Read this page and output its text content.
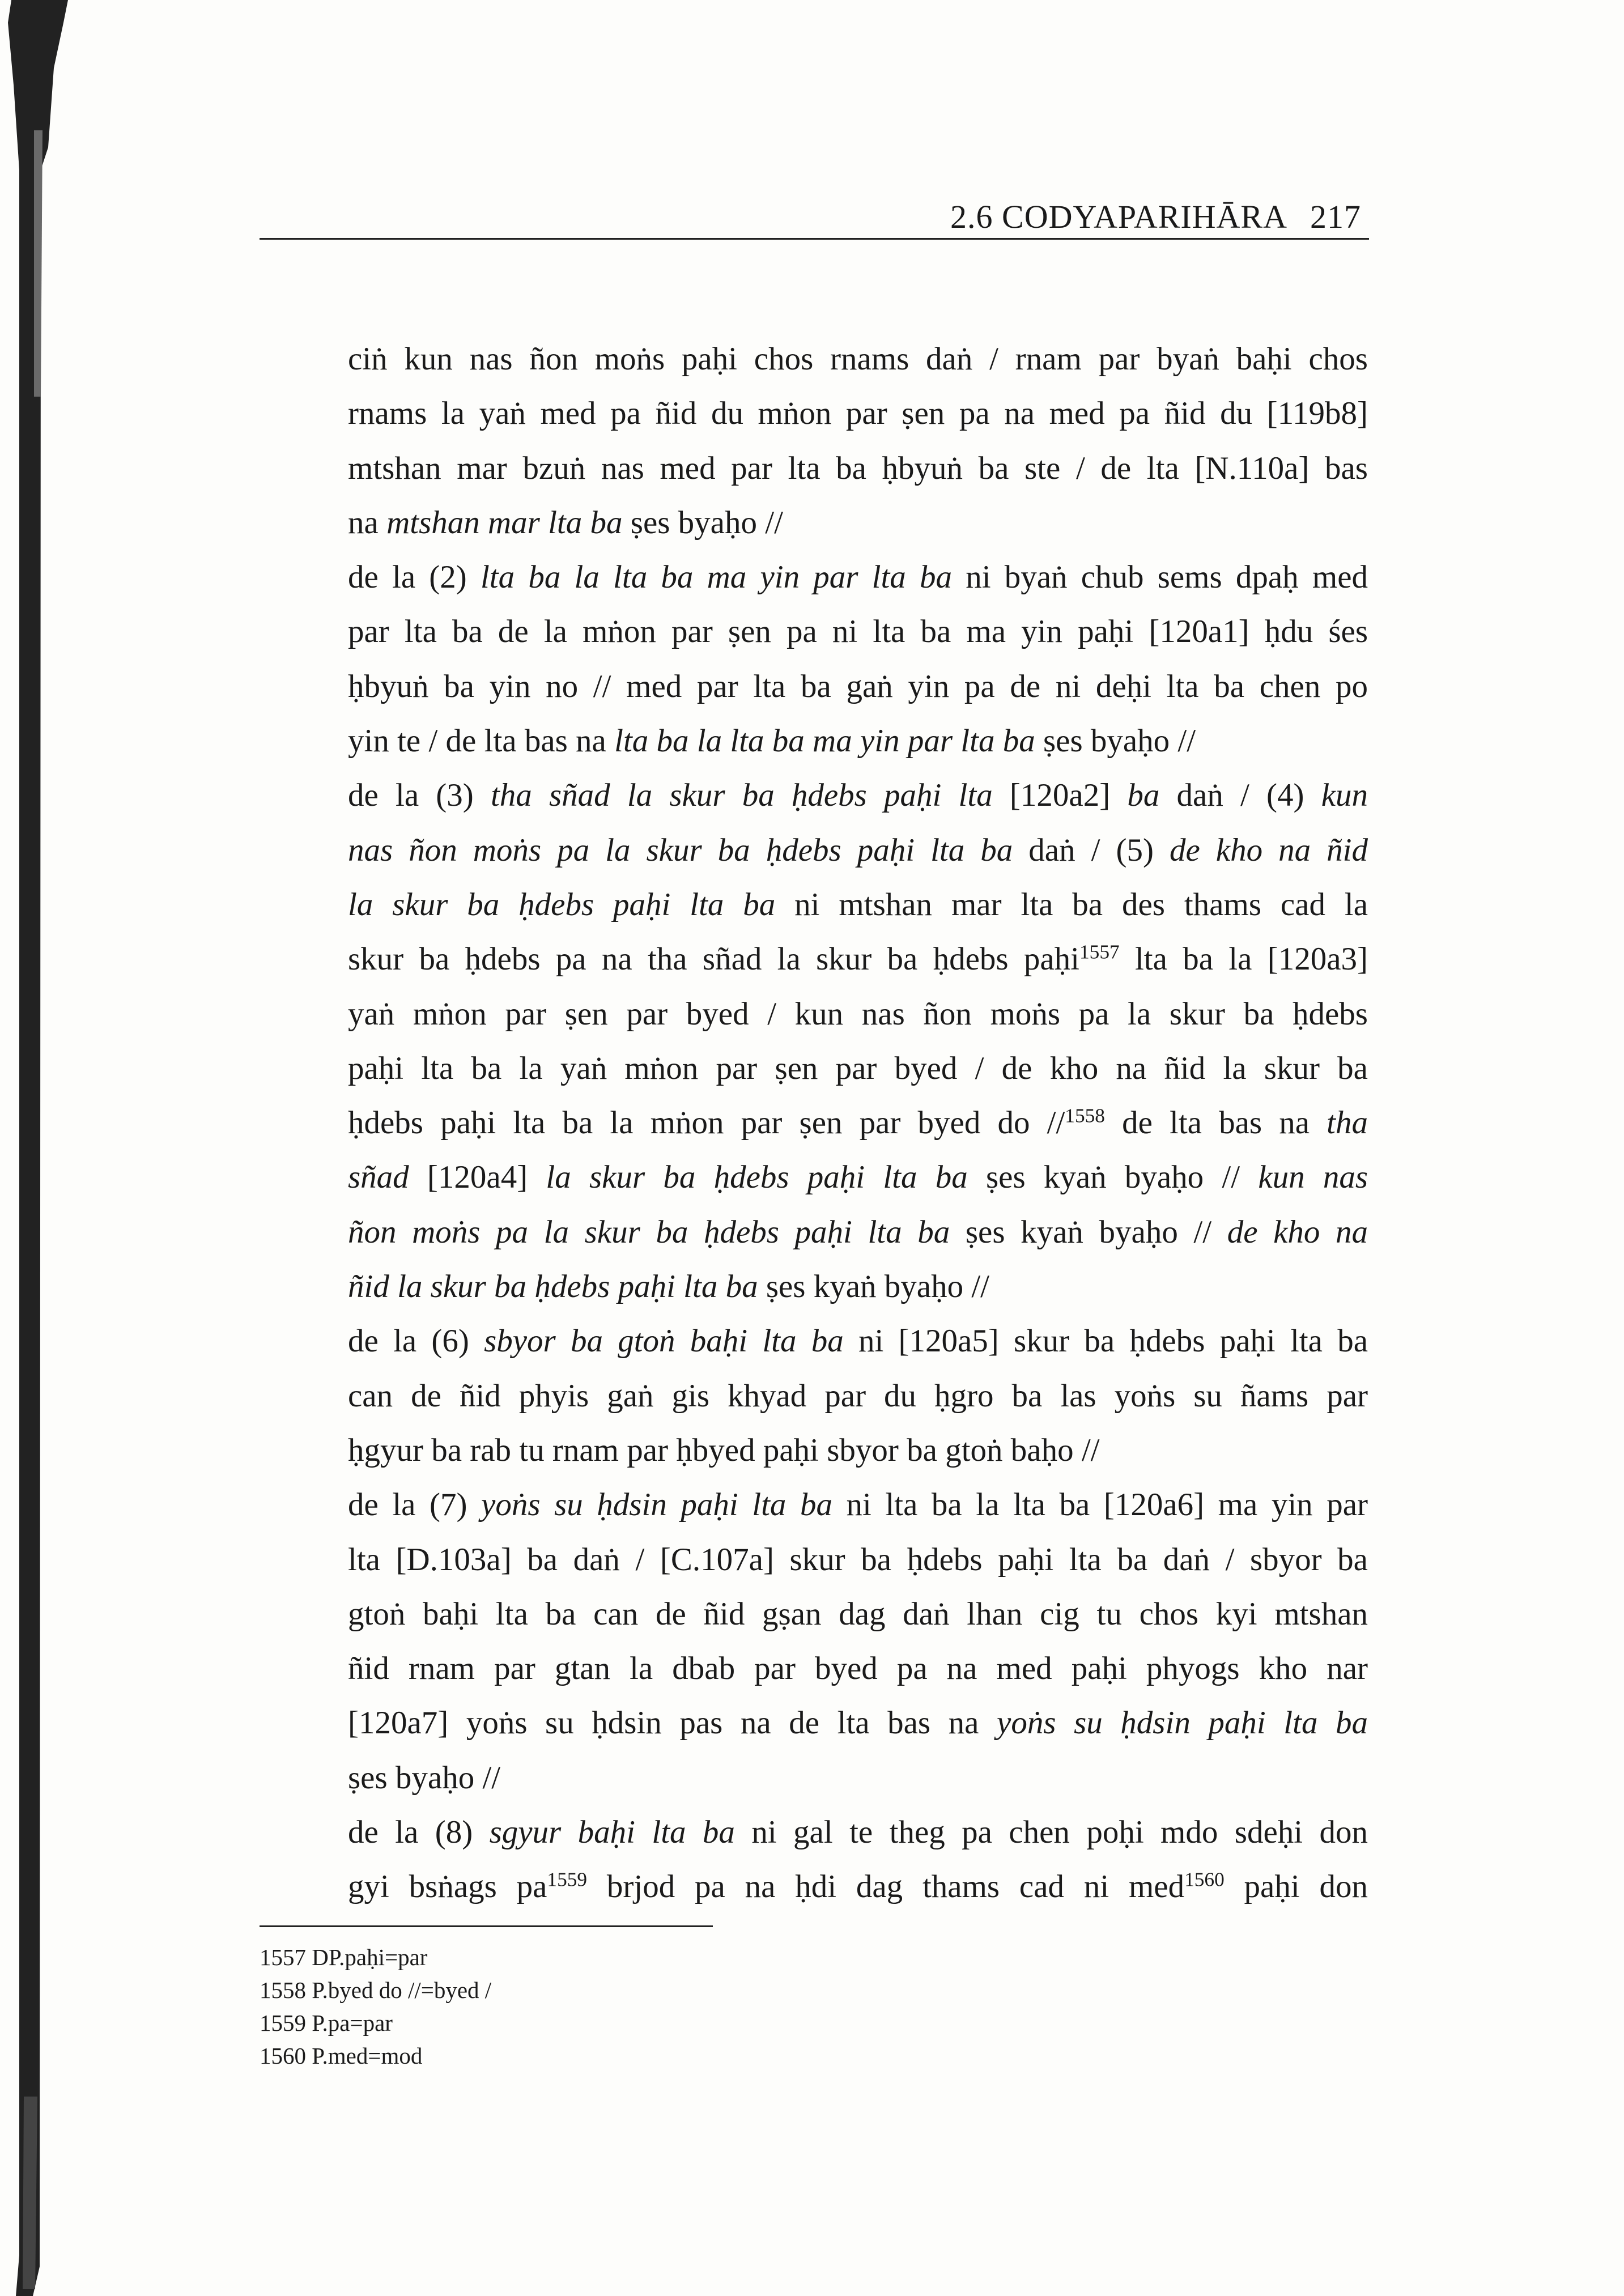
2.6 CODYAPARIHĀRA 217
ciṅ kun nas ñon moṅs paḥi chos rnams daṅ / rnam par byaṅ baḥi chos
rnams la yaṅ med pa ñid du mṅon par ṣen pa na med pa ñid du [119b8]
mtshan mar bzuṅ nas med par lta ba ḥbyuṅ ba ste / de lta [N.110a] bas
na mtshan mar lta ba ṣes byaḥo //
de la (2) lta ba la lta ba ma yin par lta ba ni byaṅ chub sems dpaḥ med
par lta ba de la mṅon par ṣen pa ni lta ba ma yin paḥi [120a1] ḥdu śes
ḥbyuṅ ba yin no // med par lta ba gaṅ yin pa de ni deḥi lta ba chen po
yin te / de lta bas na lta ba la lta ba ma yin par lta ba ṣes byaḥo //
de la (3) tha sñad la skur ba ḥdebs paḥi lta [120a2] ba daṅ / (4) kun
nas ñon moṅs pa la skur ba ḥdebs paḥi lta ba daṅ / (5) de kho na ñid
la skur ba ḥdebs paḥi lta ba ni mtshan mar lta ba des thams cad la
skur ba ḥdebs pa na tha sñad la skur ba ḥdebs paḥi$^{1557}$ lta ba la [120a3]
yaṅ mṅon par ṣen par byed / kun nas ñon moṅs pa la skur ba ḥdebs
paḥi lta ba la yaṅ mṅon par ṣen par byed / de kho na ñid la skur ba
ḥdebs paḥi lta ba la mṅon par ṣen par byed do //$^{1558}$ de lta bas na tha
sñad [120a4] la skur ba ḥdebs paḥi lta ba ṣes kyaṅ byaḥo // kun nas
ñon moṅs pa la skur ba ḥdebs paḥi lta ba ṣes kyaṅ byaḥo // de kho na
ñid la skur ba ḥdebs paḥi lta ba ṣes kyaṅ byaḥo //
de la (6) sbyor ba gtoṅ baḥi lta ba ni [120a5] skur ba ḥdebs paḥi lta ba
can de ñid phyis gaṅ gis khyad par du ḥgro ba las yoṅs su ñams par
ḥgyur ba rab tu rnam par ḥbyed paḥi sbyor ba gtoṅ baḥo //
de la (7) yoṅs su ḥdsin paḥi lta ba ni lta ba la lta ba [120a6] ma yin par
lta [D.103a] ba daṅ / [C.107a] skur ba ḥdebs paḥi lta ba daṅ / sbyor ba
gtoṅ baḥi lta ba can de ñid gṣan dag daṅ lhan cig tu chos kyi mtshan
ñid rnam par gtan la dbab par byed pa na med paḥi phyogs kho nar
[120a7] yoṅs su ḥdsin pas na de lta bas na yoṅs su ḥdsin paḥi lta ba
ṣes byaḥo //
de la (8) sgyur baḥi lta ba ni gal te theg pa chen poḥi mdo sdeḥi don
gyi bsṅags $pa^{1559}$ brjod pa na ḥdi dag thams cad ni med$^{1560}$ paḥi don
1557 DP.paḥi=par
1558 P.byed do //=byed /
1559 P.pa=par
1560 P.med=mod
